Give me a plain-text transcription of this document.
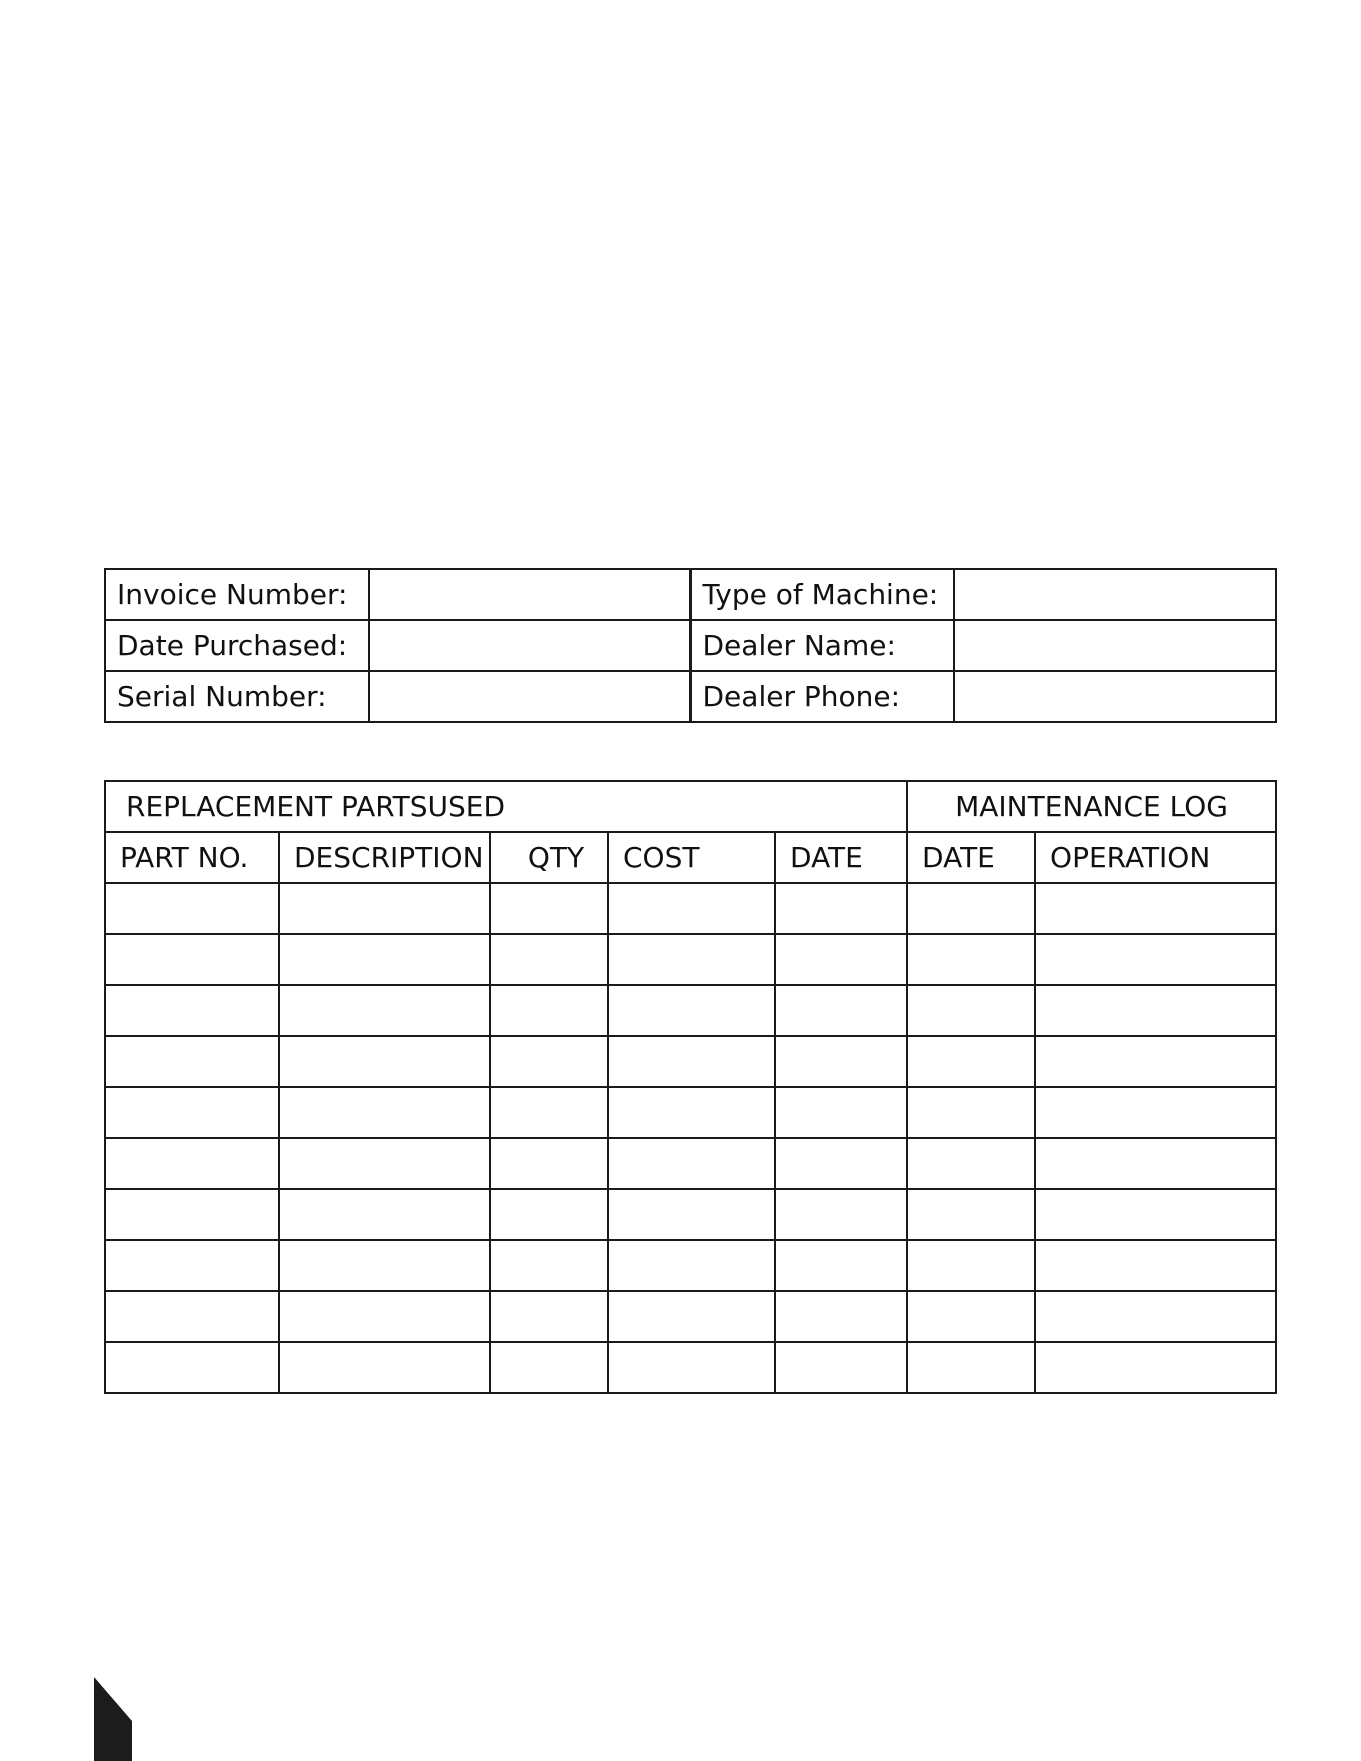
Invoice Number:		Type of Machine:	
Date Purchased:		Dealer Name:	
Serial Number:		Dealer Phone:	
REPLACEMENT PARTSUSED					MAINTENANCE LOG	
PART NO.	DESCRIPTION	QTY	COST	DATE	DATE	OPERATION
